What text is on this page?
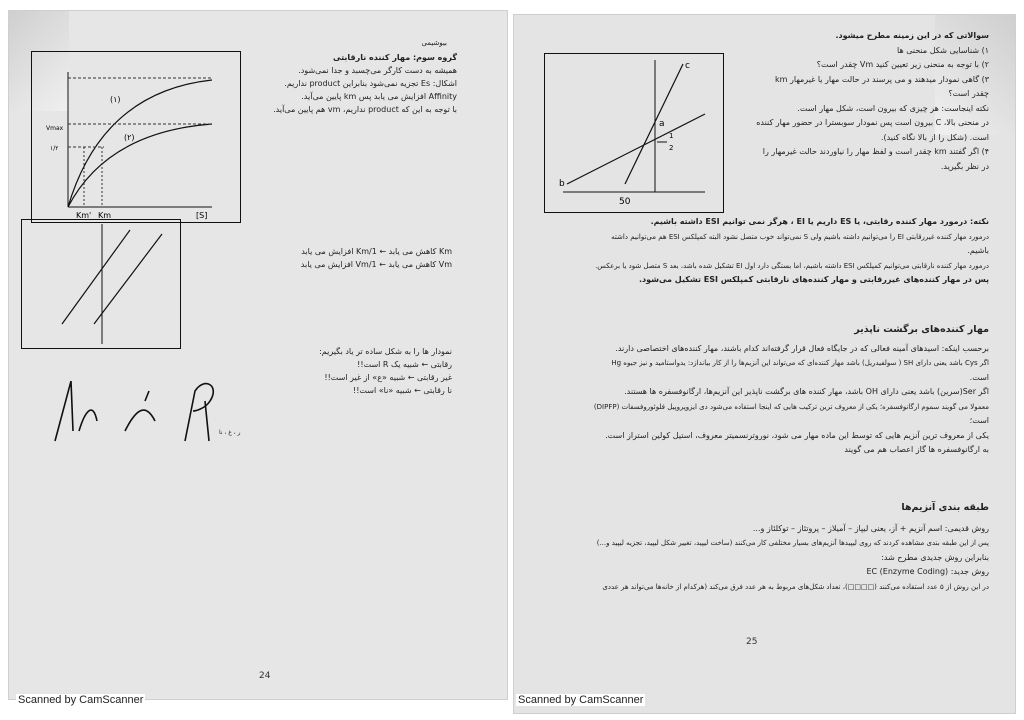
بیوشیمی
(۱)
(۲)
Vmax
۱/۲
Km' Km	[S]

گروه سوم: مهار کننده نارقابتی

همیشه به دست کارگر می‌چسبد و جدا نمی‌شود.

اشکال: Es تجزیه نمی‌شود بنابراین product نداریم.

Affinity افزایش می یابد پس km پایین می‌آید.

با توجه به این که product نداریم، vm هم پایین می‌آید.

Km کاهش می یابد ← 1/Km افزایش می یابد

Vm کاهش می یابد ← 1/Vm افزایش می یابد

نمودار ها را به شکل ساده تر یاد بگیریم:

رقابتی ← شبیه یک R است!!

غیر رقابتی ← شبیه «ع» از غیر است!!

نا رقابتی ← شبیه «نا» است!!

ر ، غ ، نا
24
Scanned by CamScanner
c
a
b
50
1
2

سوالاتی که در این زمینه مطرح میشود.

۱) شناسایی شکل منحنی ها

۲) با توجه به منحنی زیر تعیین کنید Vm چقدر است؟

۳) گاهی نمودار میدهند و می پرسند در حالت مهار یا غیرمهار km

چقدر است؟

نکته اینجاست: هر چیزی که بیرون است، شکل مهار است.

در منحنی بالا، C بیرون است پس نمودار سوبسترا در حضور مهار کننده

است. (شکل را از بالا نگاه کنید).

۴) اگر گفتند km چقدر است و لفظ مهار را نیاوردند حالت غیرمهار را

در نظر بگیرید.

نکته: درمورد مهار کننده رقابتی، یا ES داریم یا EI ، هرگز نمی توانیم ESI داشته باشیم.

درمورد مهار کننده غیررقابتی EI را می‌توانیم داشته باشیم ولی S نمی‌تواند خوب متصل نشود البته کمپلکس ESI هم می‌توانیم داشته

باشیم.

درمورد مهار کننده نارقابتی می‌توانیم کمپلکس ESI داشته باشیم، اما بستگی دارد اول EI تشکیل شده باشد، بعد S متصل شود یا برعکس.

پس در مهار کننده‌های غیررقابتی و مهار کننده‌های نارقابتی کمپلکس ESI تشکیل می‌شود.

مهار کننده‌های برگشت ناپذیر

برحسب اینکه: اسیدهای آمینه فعالی که در جایگاه فعال قرار گرفته‌اند کدام باشند، مهار کننده‌های اختصاصی دارند.

اگر Cys باشد یعنی دارای SH ( سولفیدریل) باشد مهار کننده‌ای که می‌تواند این آنزیم‌ها را از کار بیاندازد: یدواستامید و نیز جیوه Hg

است.

اگر Ser(سرین) باشد یعنی دارای OH باشد، مهار کننده های برگشت ناپذیر این آنزیم‌ها، ارگانوفسفره ها هستند.

معمولا می گویند سموم ارگانوفسفره؛ یکی از معروف ترین ترکیب هایی که اینجا استفاده می‌شود دی ایزوپروپیل فلوئوروفسفات (DIPFP)

است؛

یکی از معروف ترین آنزیم هایی که توسط این ماده مهار می شود، نوروترنسمیتر معروف، استیل کولین استراز است.

به ارگانوفسفره ها گاز اعصاب هم می گویند

طبقه بندی آنزیم‌ها

روش قدیمی: اسم آنزیم + آز، یعنی لیپاز – آمیلاز – پروتئاز – توکلئاز و...

پس از این طبقه بندی مشاهده کردند که روی لیپیدها آنزیم‌های بسیار مختلفی کار می‌کنند (ساخت لیپید، تغییر شکل لیپید، تجزیه لیپید و...)

بنابراین روش جدیدی مطرح شد:

روش جدید: EC (Enzyme Coding)

در این روش از ۵ عدد استفاده می‌کنند (□□□□)، تعداد شکل‌های مربوط به هر عدد فرق می‌کند (هرکدام از خانه‌ها می‌تواند هر عددی

25
Scanned by CamScanner
